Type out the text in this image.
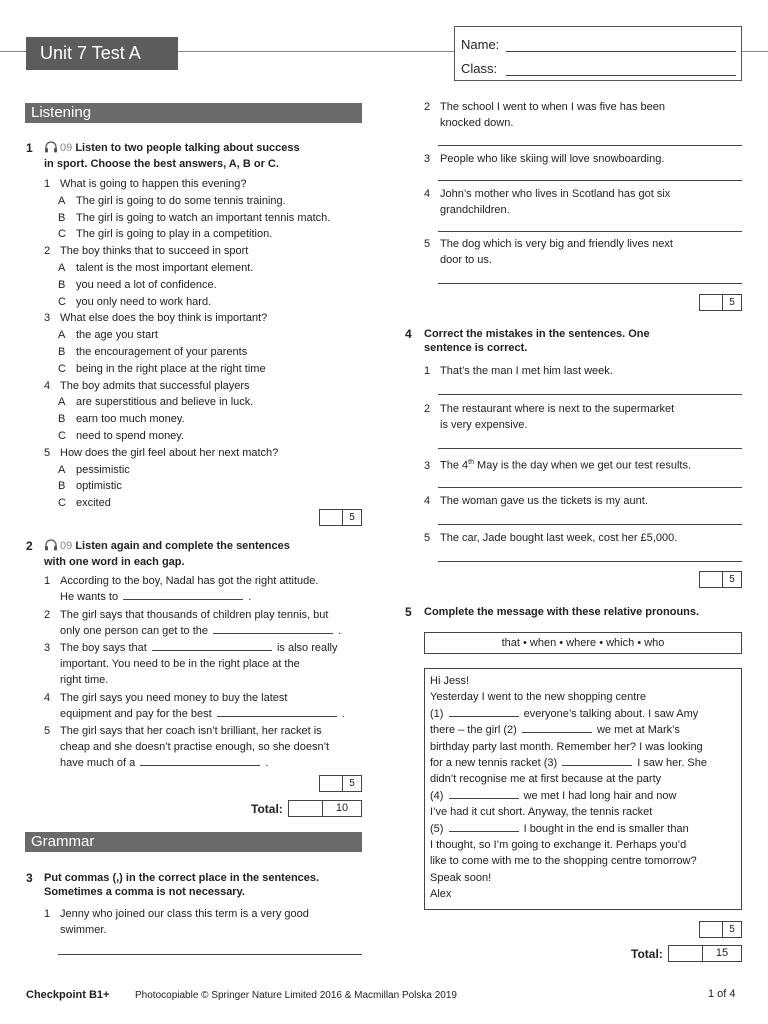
Unit 7 Test A	Name:
Class:
Listening
1	09 Listen to two people talking about success
in sport. Choose the best answers, A, B or C.
1 What is going to happen this evening?
A The girl is going to do some tennis training.
B The girl is going to watch an important tennis match.
C The girl is going to play in a competition.
2 The boy thinks that to succeed in sport
A talent is the most important element.
B you need a lot of confidence.
C you only need to work hard.
3 What else does the boy think is important?
A the age you start
B the encouragement of your parents
C being in the right place at the right time
4 The boy admits that successful players
A are superstitious and believe in luck.
B earn too much money.
C need to spend money.
5 How does the girl feel about her next match?
A pessimistic
B optimistic
C excited
5
2	09 Listen again and complete the sentences
with one word in each gap.
1 According to the boy, Nadal has got the right attitude.
He wants to	.
2 The girl says that thousands of children play tennis, but
only one person can get to the	.
3 The boy says that	is also really
important. You need to be in the right place at the
right time.
4 The girl says you need money to buy the latest
equipment and pay for the best	.
5 The girl says that her coach isn’t brilliant, her racket is
cheap and she doesn’t practise enough, so she doesn’t
have much of a	.
5
Total:	10
Grammar
3 Put commas (,) in the correct place in the sentences.
Sometimes a comma is not necessary.
1 Jenny who joined our class this term is a very good
swimmer.
2 The school I went to when I was five has been
knocked down.
3 People who like skiing will love snowboarding.
4 John’s mother who lives in Scotland has got six
grandchildren.
5 The dog which is very big and friendly lives next
door to us.
5
4 Correct the mistakes in the sentences. One
sentence is correct.
1 That’s the man I met him last week.
2 The restaurant where is next to the supermarket
is very expensive.
3 The 4th May is the day when we get our test results.
4 The woman gave us the tickets is my aunt.
5 The car, Jade bought last week, cost her £5,000.
5
5 Complete the message with these relative pronouns.
that • when • where • which • who
Hi Jess!
Yesterday I went to the new shopping centre
(1)	everyone’s talking about. I saw Amy
there – the girl (2)	we met at Mark’s
birthday party last month. Remember her? I was looking
for a new tennis racket (3)	I saw her. She
didn’t recognise me at first because at the party
(4)	we met I had long hair and now
I’ve had it cut short. Anyway, the tennis racket
(5)	I bought in the end is smaller than
I thought, so I’m going to exchange it. Perhaps you’d
like to come with me to the shopping centre tomorrow?
Speak soon!
Alex
5
Total:	15
Checkpoint B1+	Photocopiable © Springer Nature Limited 2016 & Macmillan Polska 2019	1 of 4
